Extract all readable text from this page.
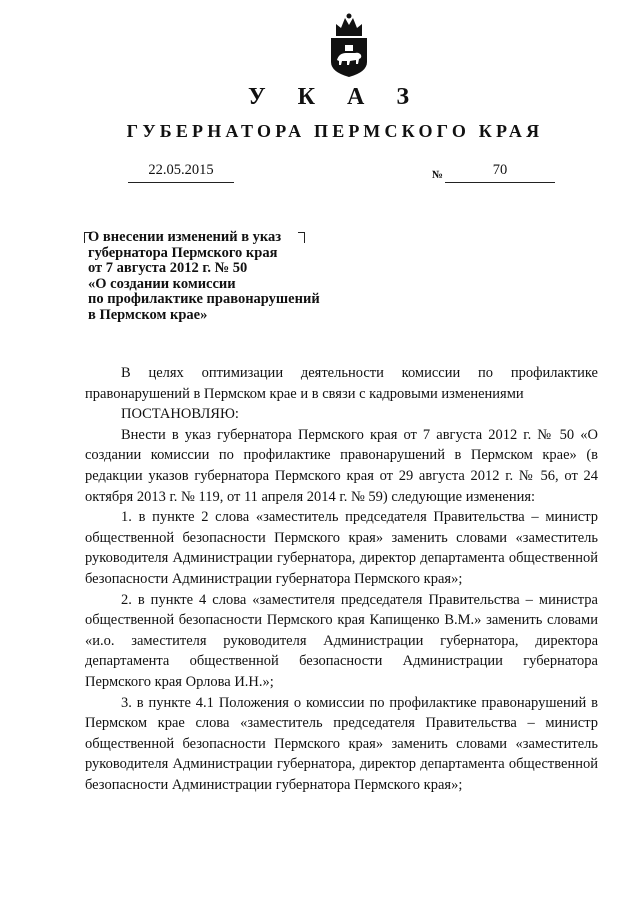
У К А З
ГУБЕРНАТОРА ПЕРМСКОГО КРАЯ
22.05.2015	№	70
О внесении изменений в указ
губернатора Пермского края
от 7 августа 2012 г. № 50
«О создании комиссии
по профилактике правонарушений
в Пермском крае»

В целях оптимизации деятельности комиссии по профилактике правонарушений в Пермском крае и в связи с кадровыми изменениями

ПОСТАНОВЛЯЮ:

Внести в указ губернатора Пермского края от 7 августа 2012 г. № 50 «О создании комиссии по профилактике правонарушений в Пермском крае» (в редакции указов губернатора Пермского края от 29 августа 2012 г. № 56, от 24 октября 2013 г. № 119, от 11 апреля 2014 г. № 59) следующие изменения:

1. в пункте 2 слова «заместитель председателя Правительства – министр общественной безопасности Пермского края» заменить словами «заместитель руководителя Администрации губернатора, директор департамента общественной безопасности Администрации губернатора Пермского края»;

2. в пункте 4 слова «заместителя председателя Правительства – министра общественной безопасности Пермского края Капищенко В.М.» заменить словами «и.о. заместителя руководителя Администрации губернатора, директора департамента общественной безопасности Администрации губернатора Пермского края Орлова И.Н.»;

3. в пункте 4.1 Положения о комиссии по профилактике правонарушений в Пермском крае слова «заместитель председателя Правительства – министр общественной безопасности Пермского края» заменить словами «заместитель руководителя Администрации губернатора, директор департамента общественной безопасности Администрации губернатора Пермского края»;
